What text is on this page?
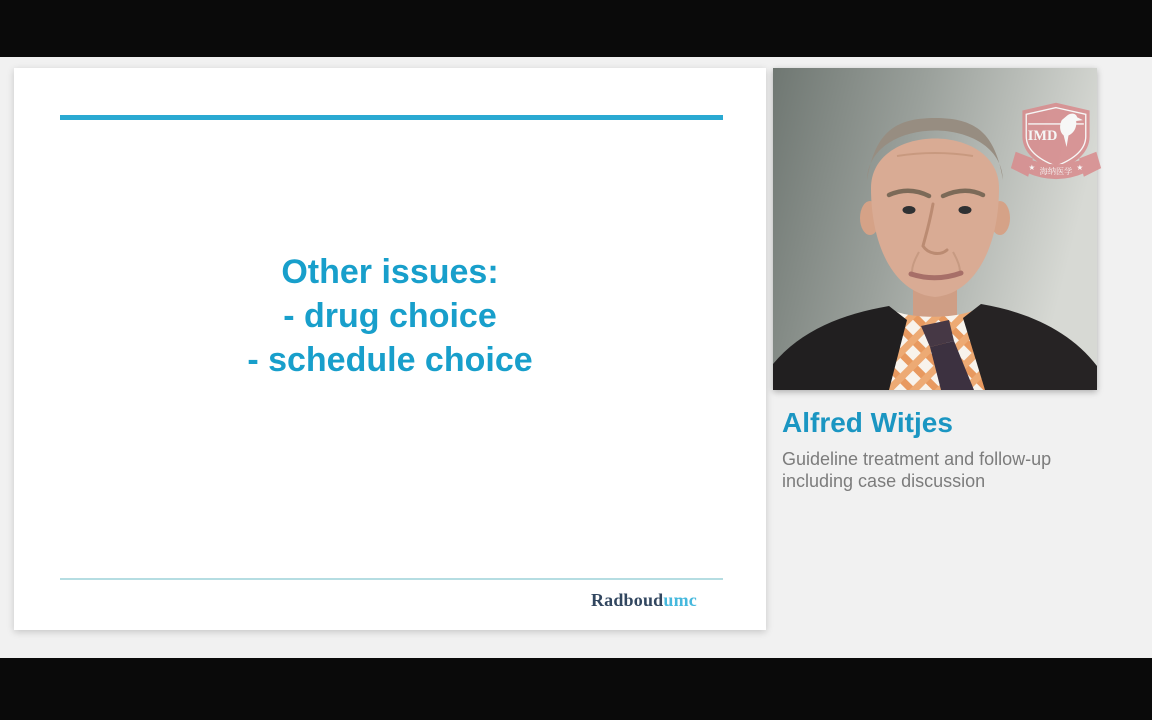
Other issues:
- drug choice
- schedule choice
Radboudumc
IMD
★ 海纳医学 ★
Alfred Witjes
Guideline treatment and follow-up including case discussion
